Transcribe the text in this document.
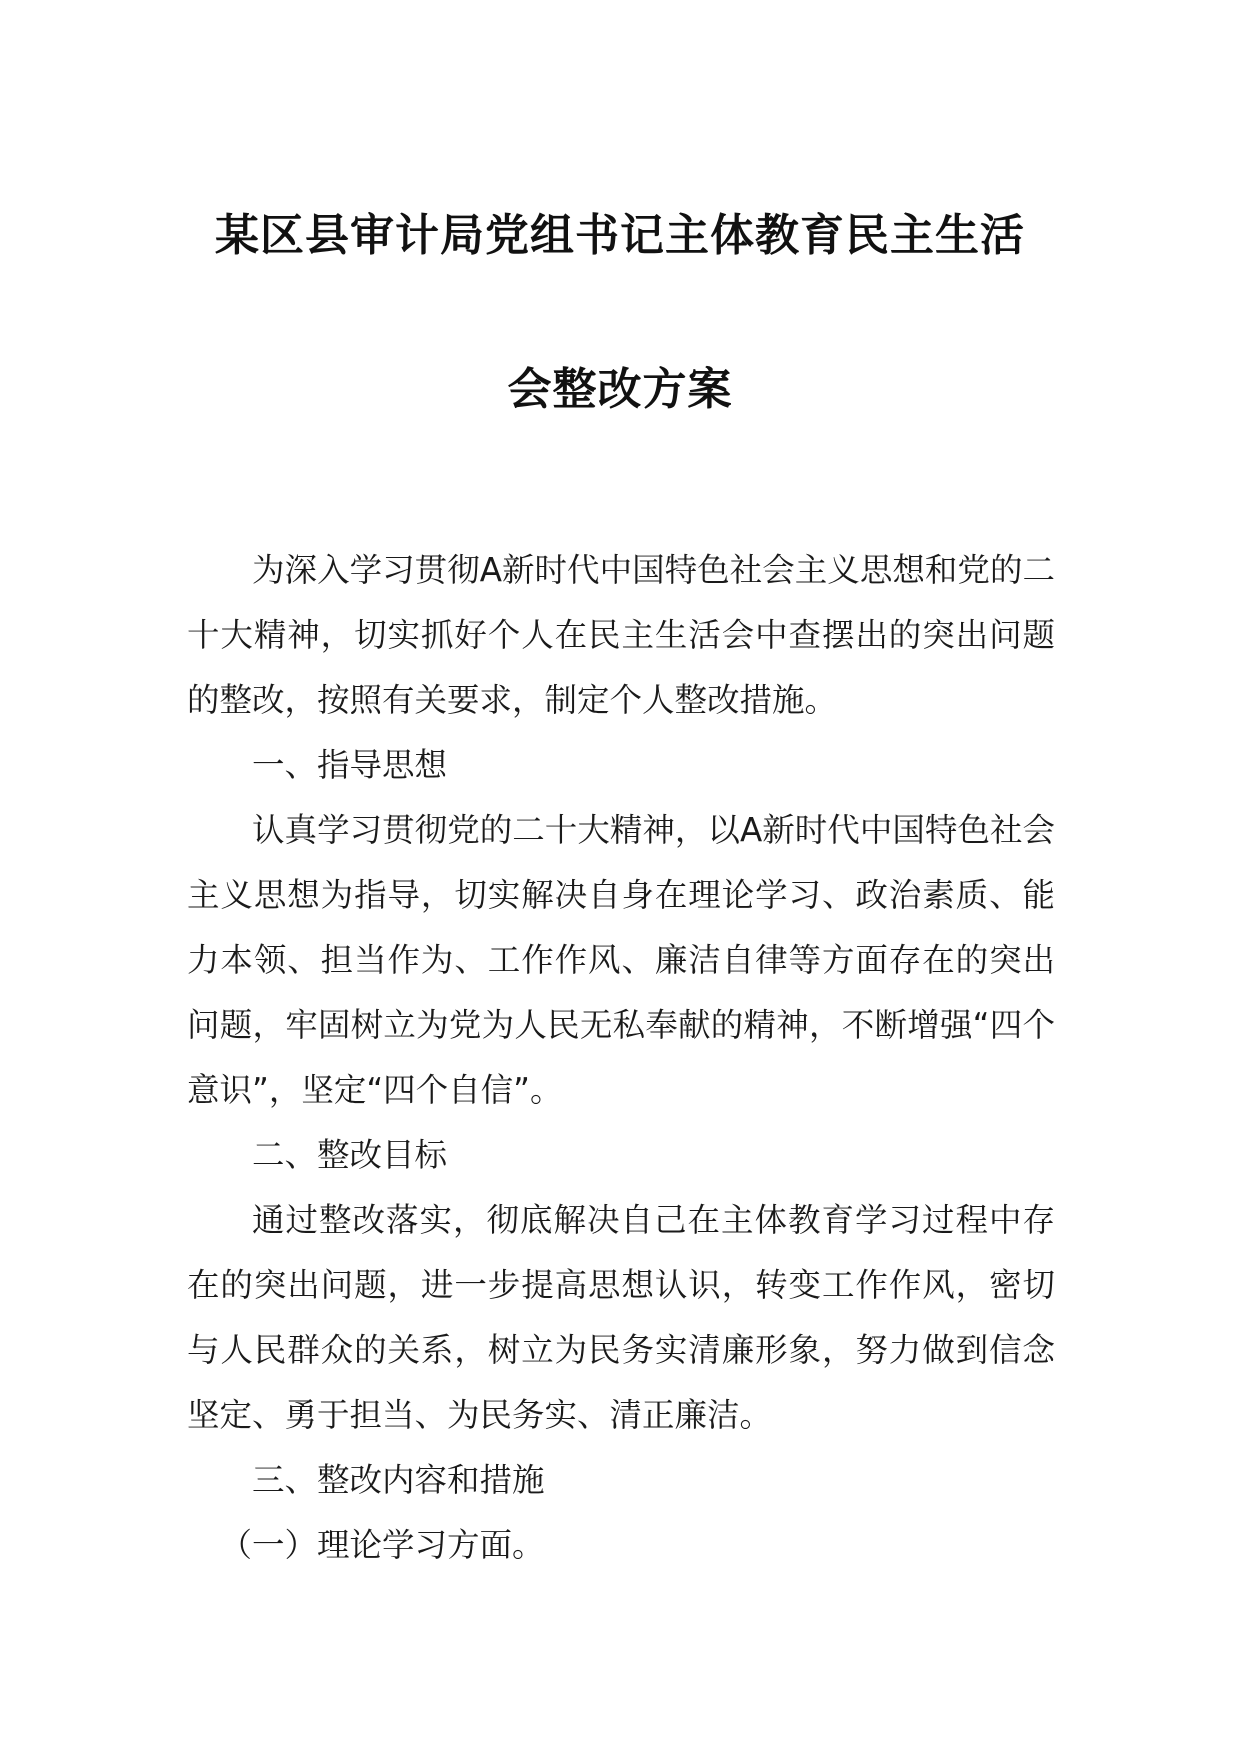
某区县审计局党组书记主体教育民主生活
会整改方案

为深入学习贯彻A新时代中国特色社会主义思想和党的二十大精神，切实抓好个人在民主生活会中查摆出的突出问题的整改，按照有关要求，制定个人整改措施。

一、指导思想

认真学习贯彻党的二十大精神，以A新时代中国特色社会主义思想为指导，切实解决自身在理论学习、政治素质、能力本领、担当作为、工作作风、廉洁自律等方面存在的突出问题，牢固树立为党为人民无私奉献的精神，不断增强“四个意识”，坚定“四个自信”。

二、整改目标

通过整改落实，彻底解决自己在主体教育学习过程中存在的突出问题，进一步提高思想认识，转变工作作风，密切与人民群众的关系，树立为民务实清廉形象，努力做到信念坚定、勇于担当、为民务实、清正廉洁。

三、整改内容和措施

（一）理论学习方面。
